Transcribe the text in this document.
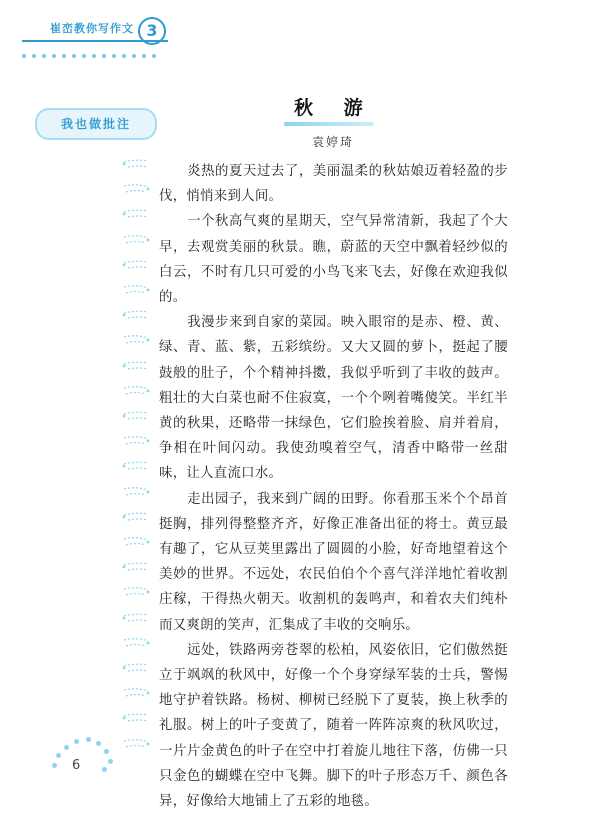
崔峦教你写作文 3
我也做批注
秋 游
袁婷琦

炎热的夏天过去了，美丽温柔的秋姑娘迈着轻盈的步伐，悄悄来到人间。

一个秋高气爽的星期天，空气异常清新，我起了个大早，去观赏美丽的秋景。瞧，蔚蓝的天空中飘着轻纱似的白云，不时有几只可爱的小鸟飞来飞去，好像在欢迎我似的。

我漫步来到自家的菜园。映入眼帘的是赤、橙、黄、绿、青、蓝、紫，五彩缤纷。又大又圆的萝卜，挺起了腰鼓般的肚子，个个精神抖擞，我似乎听到了丰收的鼓声。粗壮的大白菜也耐不住寂寞，一个个咧着嘴傻笑。半红半黄的秋果，还略带一抹绿色，它们脸挨着脸、肩并着肩，争相在叶间闪动。我使劲嗅着空气，清香中略带一丝甜味，让人直流口水。

走出园子，我来到广阔的田野。你看那玉米个个昂首挺胸，排列得整整齐齐，好像正准备出征的将士。黄豆最有趣了，它从豆荚里露出了圆圆的小脸，好奇地望着这个美妙的世界。不远处，农民伯伯个个喜气洋洋地忙着收割庄稼，干得热火朝天。收割机的轰鸣声，和着农夫们纯朴而又爽朗的笑声，汇集成了丰收的交响乐。

远处，铁路两旁苍翠的松柏，风姿依旧，它们傲然挺立于飒飒的秋风中，好像一个个身穿绿军装的士兵，警惕地守护着铁路。杨树、柳树已经脱下了夏装，换上秋季的礼服。树上的叶子变黄了，随着一阵阵凉爽的秋风吹过，一片片金黄色的叶子在空中打着旋儿地往下落，仿佛一只只金色的蝴蝶在空中飞舞。脚下的叶子形态万千、颜色各异，好像给大地铺上了五彩的地毯。

6
